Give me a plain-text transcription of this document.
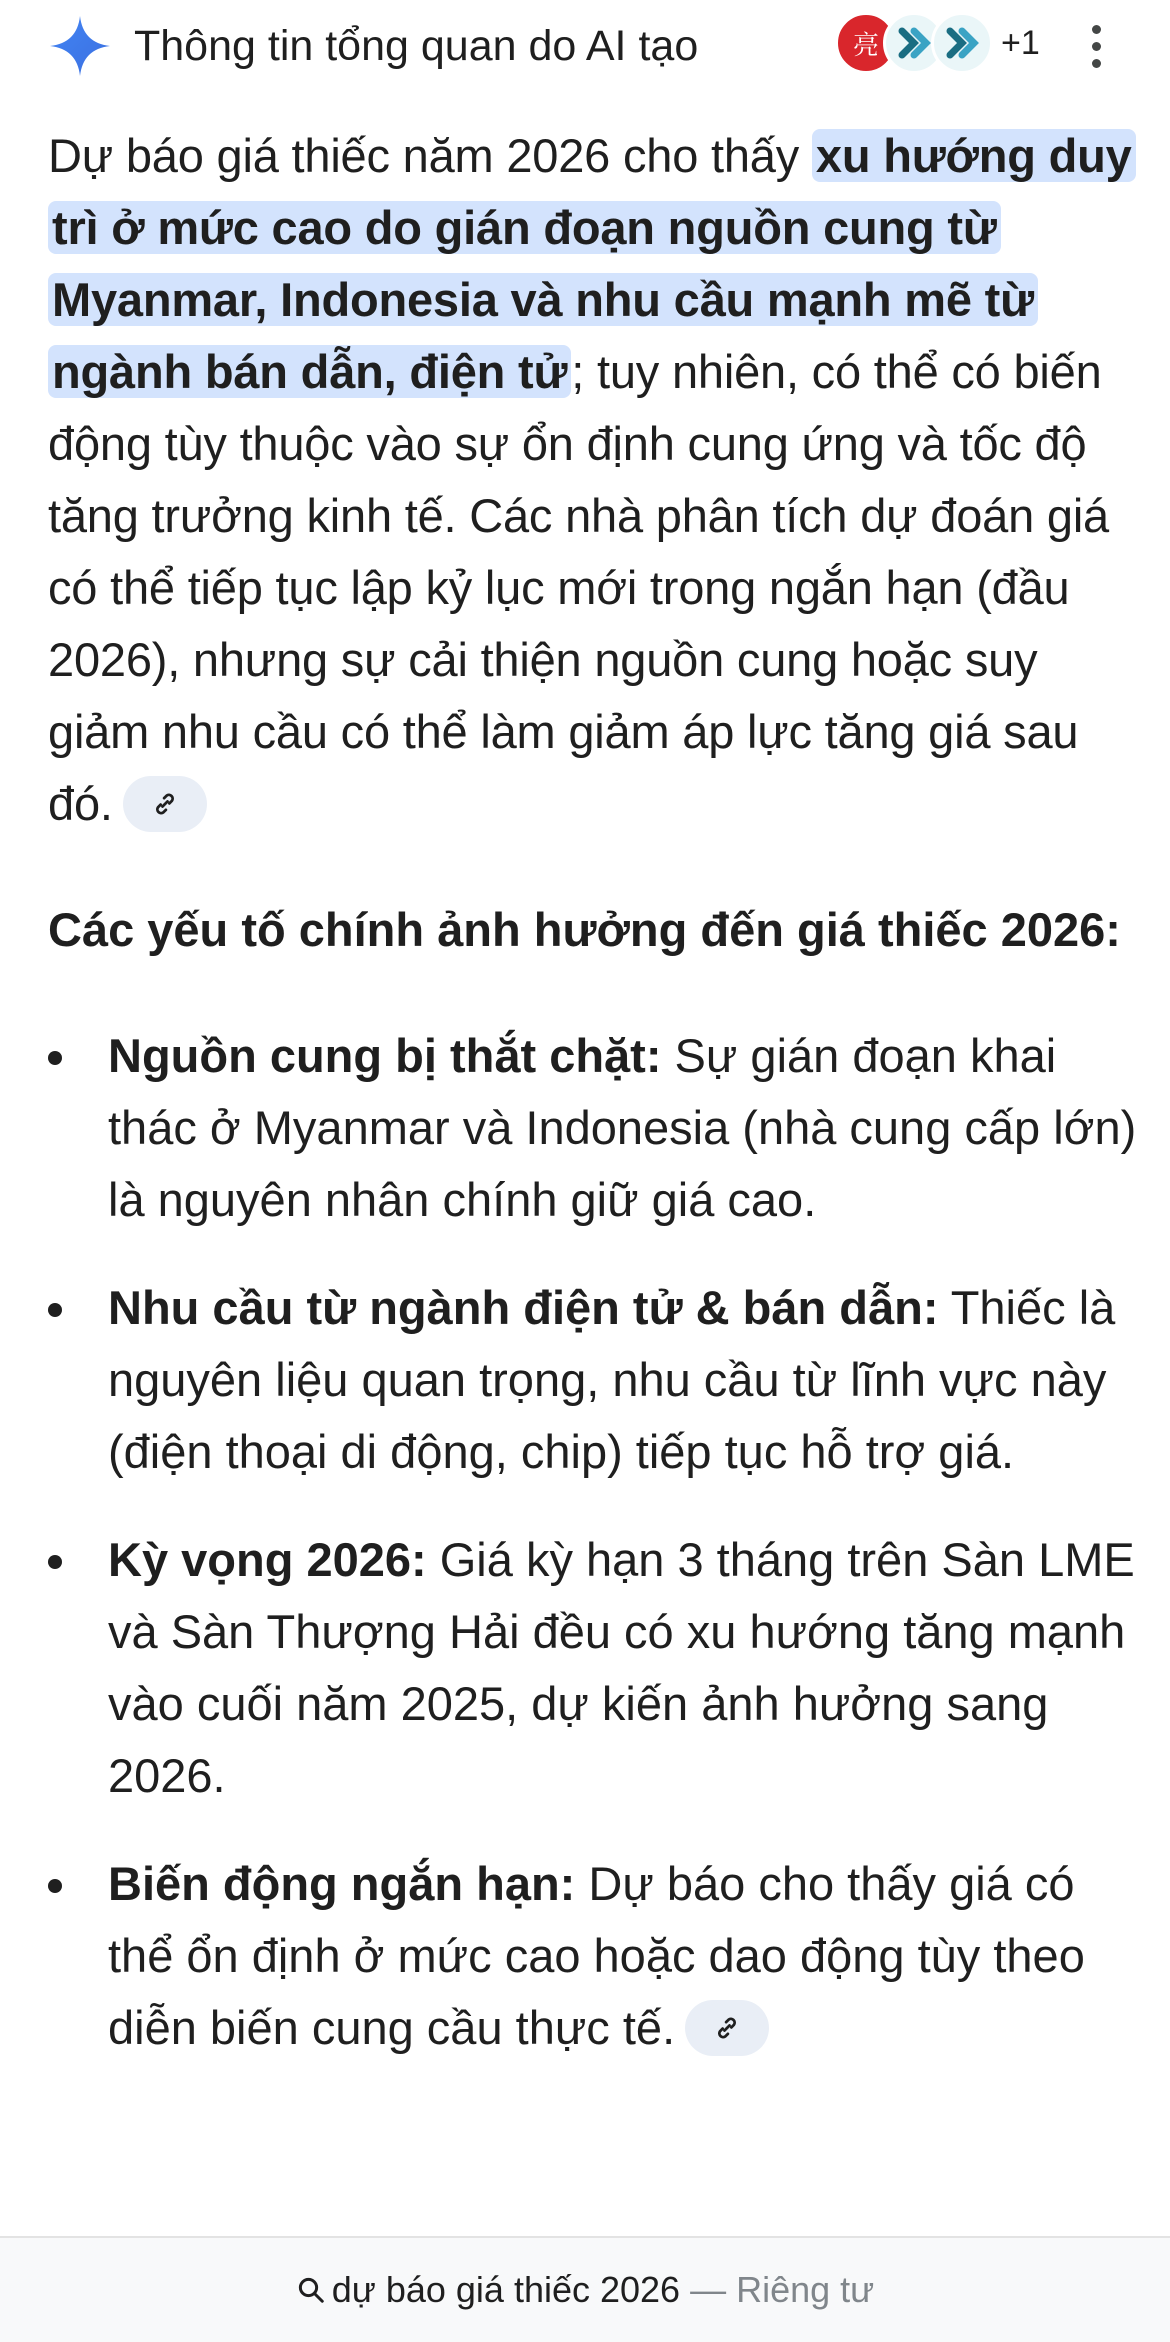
Thông tin tổng quan do AI tạo	亮	+1

Dự báo giá thiếc năm 2026 cho thấy xu hướng duy trì ở mức cao do gián đoạn nguồn cung từ Myanmar, Indonesia và nhu cầu mạnh mẽ từ ngành bán dẫn, điện tử; tuy nhiên, có thể có biến động tùy thuộc vào sự ổn định cung ứng và tốc độ tăng trưởng kinh tế. Các nhà phân tích dự đoán giá có thể tiếp tục lập kỷ lục mới trong ngắn hạn (đầu 2026), nhưng sự cải thiện nguồn cung hoặc suy giảm nhu cầu có thể làm giảm áp lực tăng giá sau đó.

Các yếu tố chính ảnh hưởng đến giá thiếc 2026:
Nguồn cung bị thắt chặt: Sự gián đoạn khai thác ở Myanmar và Indonesia (nhà cung cấp lớn) là nguyên nhân chính giữ giá cao.
Nhu cầu từ ngành điện tử & bán dẫn: Thiếc là nguyên liệu quan trọng, nhu cầu từ lĩnh vực này (điện thoại di động, chip) tiếp tục hỗ trợ giá.
Kỳ vọng 2026: Giá kỳ hạn 3 tháng trên Sàn LME và Sàn Thượng Hải đều có xu hướng tăng mạnh vào cuối năm 2025, dự kiến ảnh hưởng sang 2026.
Biến động ngắn hạn: Dự báo cho thấy giá có thể ổn định ở mức cao hoặc dao động tùy theo diễn biến cung cầu thực tế.
dự báo giá thiếc 2026 — Riêng tư
